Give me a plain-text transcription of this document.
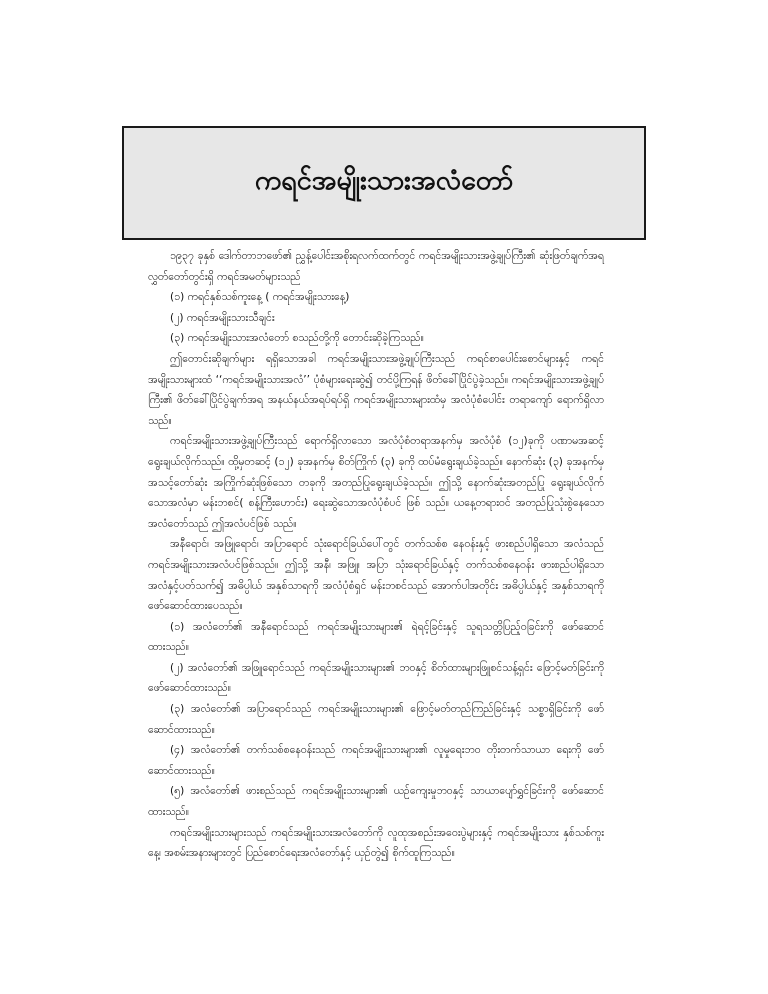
ကရင်အမျိုးသားအလံတော်

၁၉၃၇ ခုနှစ် ဒေါက်တာဘဖော်၏ ညွှန့်ပေါင်းအစိုးရလက်ထက်တွင် ကရင်အမျိုးသားအဖွဲ့ချုပ်ကြီး၏ ဆုံးဖြတ်ချက်အရ လွှတ်တော်တွင်းရှိ ကရင်အမတ်များသည်

(၁) ကရင်နှစ်သစ်ကူးနေ့ ( ကရင်အမျိုးသားနေ့)

(၂) ကရင်အမျိုးသားသီချင်း

(၃) ကရင်အမျိုးသားအလံတော် စသည်တို့ကို တောင်းဆိုခဲ့ကြသည်။

ဤတောင်းဆိုချက်များ ရရှိသောအခါ ကရင်အမျိုးသားအဖွဲ့ချုပ်ကြီးသည် ကရင်စာပေါင်းစောင်များနှင့် ကရင်အမျိုးသားများထံ ‘‘ကရင်အမျိုးသားအလံ’’ ပုံစံများရေးဆွဲ၍ တင်ပို့ကြရန် ဖိတ်ခေါ်ပြိုင်ပွဲခဲ့သည်။ ကရင်အမျိုးသားအဖွဲ့ချုပ်ကြီး၏ ဖိတ်ခေါ်ပြိုင်ပွဲချက်အရ အနယ်နယ်အရပ်ရပ်ရှိ ကရင်အမျိုးသားများထံမှ အလံပုံစံပေါင်း တရာကျော် ရောက်ရှိလာသည်။

ကရင်အမျိုးသားအဖွဲ့ချုပ်ကြီးသည် ရောက်ရှိလာသော အလံပုံစံတရာအနက်မှ အလံပုံစံ (၁၂)ခုကို ပဏာမအဆင့် ရွေးချယ်လိုက်သည်။ ထို့မှတဆင့် (၁၂) ခုအနက်မှ စိတ်ကြိုက် (၃) ခုကို ထပ်မံရွေးချယ်ခဲ့သည်။ နောက်ဆုံး (၃) ခုအနက်မှ အသင့်တော်ဆုံး အကြိုက်ဆုံးဖြစ်သော တခုကို အတည်ပြုရွေးချယ်ခဲ့သည်။ ဤသို့ နောက်ဆုံးအတည်ပြု ရွေးချယ်လိုက်သောအလံမှာ မန်းဘစင်( စန့်ကြီးဟောင်း) ရေးဆွဲသောအလံပုံစံပင် ဖြစ် သည်။ ယနေ့တရားဝင် အတည်ပြုသုံးစွဲနေသော အလံတော်သည် ဤအလံပင်ဖြစ် သည်။

အနီရောင်၊ အဖြူရောင်၊ အပြာရောင် သုံးရောင်ခြယ်ပေါ်တွင် တက်သစ်စ နေဝန်းနှင့် ဖားစည်ပါရှိသော အလံသည် ကရင်အမျိုးသားအလံပင်ဖြစ်သည်။ ဤသို့ အနီ၊ အဖြူ၊ အပြာ သုံးရောင်ခြယ်နှင့် တက်သစ်စနေဝန်း ဖားစည်ပါရှိသော အလံနှင့်ပတ်သက်၍ အဓိပ္ပါယ် အနှစ်သာရကို အလံပုံစံရှင် မန်းဘစင်သည် အောက်ပါအတိုင်း အဓိပ္ပါယ်နှင့် အနှစ်သာရကို ဖော်ဆောင်ထားပေသည်။

(၁) အလံတော်၏ အနီရောင်သည် ကရင်အမျိုးသားများ၏ ရဲရင့်ခြင်းနှင့် သူရသတ္တိပြည့်ဝခြင်းကို ဖော်ဆောင်ထားသည်။

(၂) အလံတော်၏ အဖြူရောင်သည် ကရင်အမျိုးသားများ၏ ဘဝနှင့် စိတ်ထားများဖြူစင်သန့်ရှင်း ဖြောင့်မတ်ခြင်းကို ဖော်ဆောင်ထားသည်။

(၃) အလံတော်၏ အပြာရောင်သည် ကရင်အမျိုးသားများ၏ ဖြောင့်မတ်တည်ကြည်ခြင်းနှင့် သစ္စာရှိခြင်းကို ဖော်ဆောင်ထားသည်။

(၄) အလံတော်၏ တက်သစ်စနေဝန်းသည် ကရင်အမျိုးသားများ၏ လူမှုရေးဘဝ တိုးတက်သာယာ ရေးကို ဖော်ဆောင်ထားသည်။

(၅) အလံတော်၏ ဖားစည်သည် ကရင်အမျိုးသားများ၏ ယဉ်ကျေးမှုဘဝနှင့် သာယာပျော်ရွှင်ခြင်းကို ဖော်ဆောင်ထားသည်။

ကရင်အမျိုးသားများသည် ကရင်အမျိုးသားအလံတော်ကို လူထုအစည်းအဝေးပွဲများနှင့် ကရင်အမျိုးသား နှစ်သစ်ကူးနေ့၊ အစမ်းအနားများတွင် ပြည်စောင်ရေးအလံတော်နှင့် ယှဉ်တွဲ၍ စိုက်ထူကြသည်။
